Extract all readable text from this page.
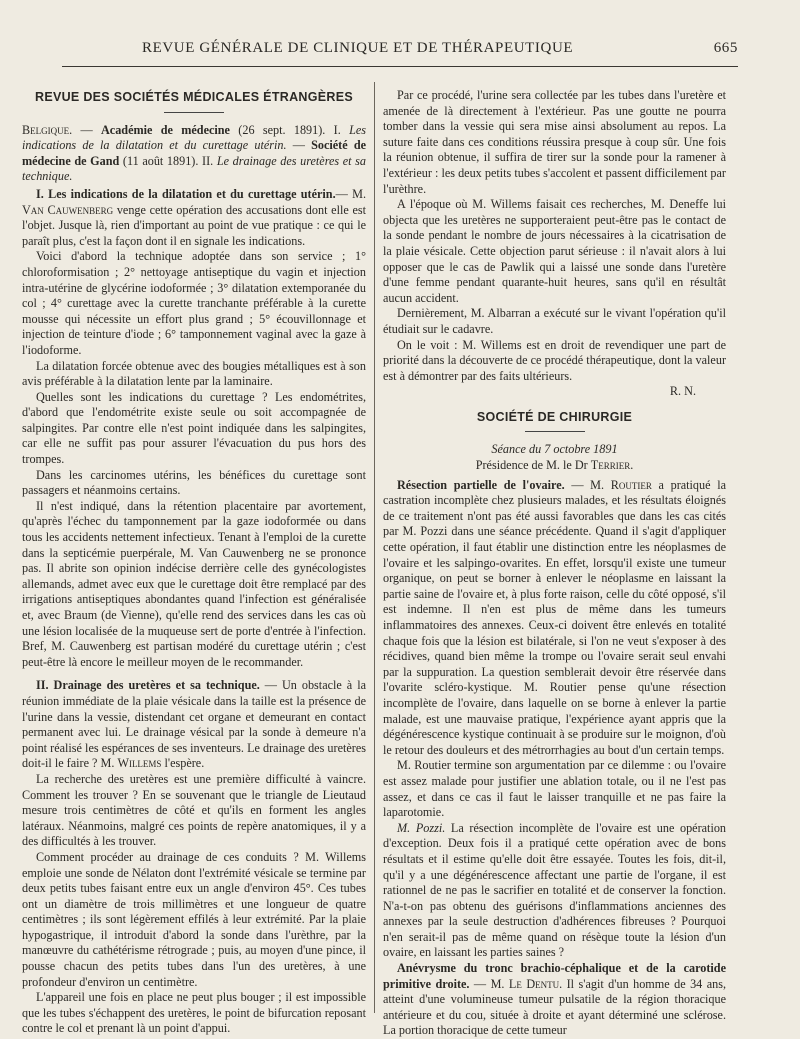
REVUE GÉNÉRALE DE CLINIQUE ET DE THÉRAPEUTIQUE	665
REVUE DES SOCIÉTÉS MÉDICALES ÉTRANGÈRES

Belgique. — Académie de médecine (26 sept. 1891). I. Les indications de la dilatation et du curettage utérin. — Société de médecine de Gand (11 août 1891). II. Le drainage des uretères et sa technique.

I. Les indications de la dilatation et du curettage utérin.— M. Van Cauwenberg venge cette opération des accusations dont elle est l'objet. Jusque là, rien d'important au point de vue pratique : ce qui le paraît plus, c'est la façon dont il en signale les indications.

Voici d'abord la technique adoptée dans son service ; 1° chloroformisation ; 2° nettoyage antiseptique du vagin et injection intra-utérine de glycérine iodoformée ; 3° dilatation extemporanée du col ; 4° curettage avec la curette tranchante préférable à la curette mousse qui nécessite un effort plus grand ; 5° écouvillonnage et injection de teinture d'iode ; 6° tamponnement vaginal avec la gaze à l'iodoforme.

La dilatation forcée obtenue avec des bougies métalliques est à son avis préférable à la dilatation lente par la laminaire.

Quelles sont les indications du curettage ? Les endométrites, d'abord que l'endométrite existe seule ou soit accompagnée de salpingites. Par contre elle n'est point indiquée dans les salpingites, car elle ne suffit pas pour assurer l'évacuation du pus hors des trompes.

Dans les carcinomes utérins, les bénéfices du curettage sont passagers et néanmoins certains.

Il n'est indiqué, dans la rétention placentaire par avortement, qu'après l'échec du tamponnement par la gaze iodoformée ou dans tous les accidents nettement infectieux. Tenant à l'emploi de la curette dans la septicémie puerpérale, M. Van Cauwenberg ne se prononce pas. Il abrite son opinion indécise derrière celle des gynécologistes allemands, admet avec eux que le curettage doit être remplacé par des irrigations antiseptiques abondantes quand l'infection est généralisée et, avec Braum (de Vienne), qu'elle rend des services dans les cas où une lésion localisée de la muqueuse sert de porte d'entrée à l'infection. Bref, M. Cauwenberg est partisan modéré du curettage utérin ; c'est peut-être là encore le meilleur moyen de le recommander.

II. Drainage des uretères et sa technique. — Un obstacle à la réunion immédiate de la plaie vésicale dans la taille est la présence de l'urine dans la vessie, distendant cet organe et demeurant en contact permanent avec lui. Le drainage vésical par la sonde à demeure n'a point réalisé les espérances de ses inventeurs. Le drainage des uretères doit-il le faire ? M. Willems l'espère.

La recherche des uretères est une première difficulté à vaincre. Comment les trouver ? En se souvenant que le triangle de Lieutaud mesure trois centimètres de côté et qu'ils en forment les angles latéraux. Néanmoins, malgré ces points de repère anatomiques, il y a des difficultés à les trouver.

Comment procéder au drainage de ces conduits ? M. Willems emploie une sonde de Nélaton dont l'extrémité vésicale se termine par deux petits tubes faisant entre eux un angle d'environ 45°. Ces tubes ont un diamètre de trois millimètres et une longueur de quatre centimètres ; ils sont légèrement effilés à leur extrémité. Par la plaie hypogastrique, il introduit d'abord la sonde dans l'urèthre, par la manœuvre du cathétérisme rétrograde ; puis, au moyen d'une pince, il pousse chacun des petits tubes dans l'un des uretères, à une profondeur d'environ un centimètre.

L'appareil une fois en place ne peut plus bouger ; il est impossible que les tubes s'échappent des uretères, le point de bifurcation reposant contre le col et prenant là un point d'appui.

Par ce procédé, l'urine sera collectée par les tubes dans l'uretère et amenée de là directement à l'extérieur. Pas une goutte ne pourra tomber dans la vessie qui sera mise ainsi absolument au repos. La suture faite dans ces conditions réussira presque à coup sûr. Une fois la réunion obtenue, il suffira de tirer sur la sonde pour la ramener à l'extérieur : les deux petits tubes s'accolent et passent difficilement par l'urèthre.

A l'époque où M. Willems faisait ces recherches, M. Deneffe lui objecta que les uretères ne supporteraient peut-être pas le contact de la sonde pendant le nombre de jours nécessaires à la cicatrisation de la plaie vésicale. Cette objection parut sérieuse : il n'avait alors à lui opposer que le cas de Pawlik qui a laissé une sonde dans l'uretère d'une femme pendant quarante-huit heures, sans qu'il en résultât aucun accident.

Dernièrement, M. Albarran a exécuté sur le vivant l'opération qu'il étudiait sur le cadavre.

On le voit : M. Willems est en droit de revendiquer une part de priorité dans la découverte de ce procédé thérapeutique, dont la valeur est à démontrer par des faits ultérieurs.

R. N.

SOCIÉTÉ DE CHIRURGIE

Séance du 7 octobre 1891

Présidence de M. le Dr Terrier.

Résection partielle de l'ovaire. — M. Routier a pratiqué la castration incomplète chez plusieurs malades, et les résultats éloignés de ce traitement n'ont pas été aussi favorables que dans les cas cités par M. Pozzi dans une séance précédente. Quand il s'agit d'appliquer cette opération, il faut établir une distinction entre les néoplasmes de l'ovaire et les salpingo-ovarites. En effet, lorsqu'il existe une tumeur organique, on peut se borner à enlever le néoplasme en laissant la partie saine de l'ovaire et, à plus forte raison, celle du côté opposé, s'il est indemne. Il n'en est plus de même dans les tumeurs inflammatoires des annexes. Ceux-ci doivent être enlevés en totalité chaque fois que la lésion est bilatérale, si l'on ne veut s'exposer à des récidives, quand bien même la trompe ou l'ovaire serait seul envahi par la suppuration. La question semblerait devoir être réservée dans l'ovarite scléro-kystique. M. Routier pense qu'une résection incomplète de l'ovaire, dans laquelle on se borne à enlever la partie malade, est une mauvaise pratique, l'expérience ayant appris que la dégénérescence kystique continuait à se produire sur le moignon, d'où le retour des douleurs et des métrorrhagies au bout d'un certain temps.

M. Routier termine son argumentation par ce dilemme : ou l'ovaire est assez malade pour justifier une ablation totale, ou il ne l'est pas assez, et dans ce cas il faut le laisser tranquille et ne pas faire la laparotomie.

M. Pozzi. La résection incomplète de l'ovaire est une opération d'exception. Deux fois il a pratiqué cette opération avec de bons résultats et il estime qu'elle doit être essayée. Toutes les fois, dit-il, qu'il y a une dégénérescence affectant une partie de l'organe, il est rationnel de ne pas le sacrifier en totalité et de conserver la fonction. N'a-t-on pas obtenu des guérisons d'inflammations anciennes des annexes par la seule destruction d'adhérences fibreuses ? Pourquoi n'en serait-il pas de même quand on résèque toute la lésion d'un ovaire, en laissant les parties saines ?

Anévrysme du tronc brachio-céphalique et de la carotide primitive droite. — M. Le Dentu. Il s'agit d'un homme de 34 ans, atteint d'une volumineuse tumeur pulsatile de la région thoracique antérieure et du cou, située à droite et ayant déterminé une sclérose. La portion thoracique de cette tumeur
